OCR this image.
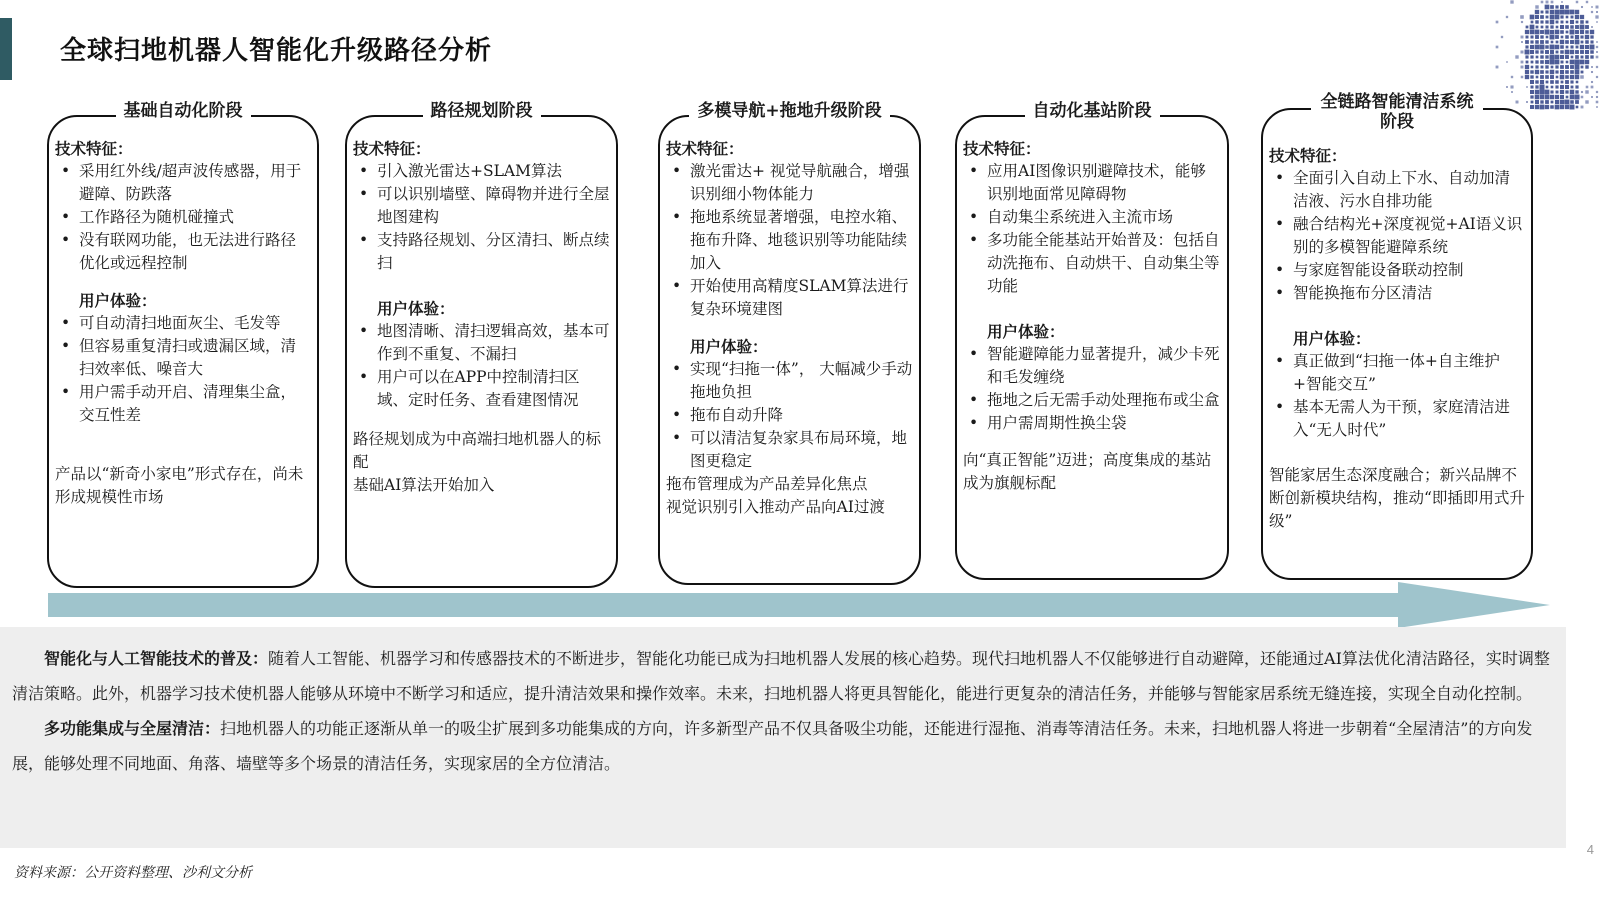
全球扫地机器人智能化升级路径分析
基础自动化阶段
技术特征：
• 采用红外线/超声波传感器，用于避障、防跌落
• 工作路径为随机碰撞式
• 没有联网功能，也无法进行路径优化或远程控制
用户体验：
• 可自动清扫地面灰尘、毛发等
• 但容易重复清扫或遗漏区域，清扫效率低、噪音大
• 用户需手动开启、清理集尘盒，交互性差

产品以“新奇小家电”形式存在，尚未形成规模性市场

路径规划阶段
技术特征：
• 引入激光雷达+SLAM算法
• 可以识别墙壁、障碍物并进行全屋地图建构
• 支持路径规划、分区清扫、断点续扫
用户体验：
• 地图清晰、清扫逻辑高效，基本可作到不重复、不漏扫
• 用户可以在APP中控制清扫区域、定时任务、查看建图情况

路径规划成为中高端扫地机器人的标配

基础AI算法开始加入

多模导航+拖地升级阶段
技术特征：
• 激光雷达+ 视觉导航融合，增强识别细小物体能力
• 拖地系统显著增强，电控水箱、拖布升降、地毯识别等功能陆续加入
• 开始使用高精度SLAM算法进行复杂环境建图
用户体验：
• 实现“扫拖一体”， 大幅减少手动拖地负担
• 拖布自动升降
• 可以清洁复杂家具布局环境，地图更稳定

拖布管理成为产品差异化焦点

视觉识别引入推动产品向AI过渡

自动化基站阶段
技术特征：
• 应用AI图像识别避障技术，能够识别地面常见障碍物
• 自动集尘系统进入主流市场
• 多功能全能基站开始普及：包括自动洗拖布、自动烘干、自动集尘等功能
用户体验：
• 智能避障能力显著提升，减少卡死和毛发缠绕
• 拖地之后无需手动处理拖布或尘盒
• 用户需周期性换尘袋

向“真正智能”迈进；高度集成的基站成为旗舰标配

全链路智能清洁系统阶段
技术特征：
• 全面引入自动上下水、自动加清洁液、污水自排功能
• 融合结构光+深度视觉+AI语义识别的多模智能避障系统
• 与家庭智能设备联动控制
• 智能换拖布分区清洁
用户体验：
• 真正做到“扫拖一体+自主维护+智能交互”
• 基本无需人为干预，家庭清洁进入“无人时代”

智能家居生态深度融合；新兴品牌不断创新模块结构，推动“即插即用式升级”

智能化与人工智能技术的普及：随着人工智能、机器学习和传感器技术的不断进步，智能化功能已成为扫地机器人发展的核心趋势。现代扫地机器人不仅能够进行自动避障，还能通过AI算法优化清洁路径，实时调整清洁策略。此外，机器学习技术使机器人能够从环境中不断学习和适应，提升清洁效果和操作效率。未来，扫地机器人将更具智能化，能进行更复杂的清洁任务，并能够与智能家居系统无缝连接，实现全自动化控制。

多功能集成与全屋清洁：扫地机器人的功能正逐渐从单一的吸尘扩展到多功能集成的方向，许多新型产品不仅具备吸尘功能，还能进行湿拖、消毒等清洁任务。未来，扫地机器人将进一步朝着“全屋清洁”的方向发展，能够处理不同地面、角落、墙壁等多个场景的清洁任务，实现家居的全方位清洁。

资料来源：公开资料整理、沙利文分析
4
